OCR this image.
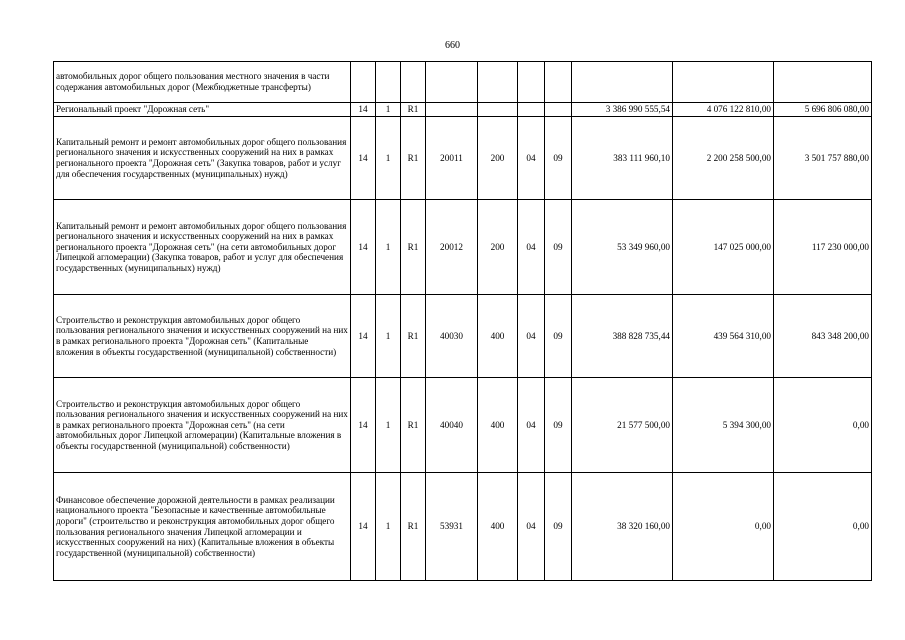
660
автомобильных дорог общего пользования местного значения в части содержания автомобильных дорог (Межбюджетные трансферты)										
Региональный проект "Дорожная сеть"	14	1	R1					3 386 990 555,54	4 076 122 810,00	5 696 806 080,00
Капитальный ремонт и ремонт автомобильных дорог общего пользования регионального значения и искусственных сооружений на них в рамках регионального проекта "Дорожная сеть" (Закупка товаров, работ и услуг для обеспечения государственных (муниципальных) нужд)	14	1	R1	20011	200	04	09	383 111 960,10	2 200 258 500,00	3 501 757 880,00
Капитальный ремонт и ремонт автомобильных дорог общего пользования регионального значения и искусственных сооружений на них в рамках регионального проекта "Дорожная сеть" (на сети автомобильных дорог Липецкой агломерации) (Закупка товаров, работ и услуг для обеспечения государственных (муниципальных) нужд)	14	1	R1	20012	200	04	09	53 349 960,00	147 025 000,00	117 230 000,00
Строительство и реконструкция автомобильных дорог общего пользования регионального значения и искусственных сооружений на них в рамках регионального проекта "Дорожная сеть" (Капитальные вложения в объекты государственной (муниципальной) собственности)	14	1	R1	40030	400	04	09	388 828 735,44	439 564 310,00	843 348 200,00
Строительство и реконструкция автомобильных дорог общего пользования регионального значения и искусственных сооружений на них в рамках регионального проекта "Дорожная сеть" (на сети автомобильных дорог Липецкой агломерации) (Капитальные вложения в объекты государственной (муниципальной) собственности)	14	1	R1	40040	400	04	09	21 577 500,00	5 394 300,00	0,00
Финансовое обеспечение дорожной деятельности в рамках реализации национального проекта "Безопасные и качественные автомобильные дороги" (строительство и реконструкция автомобильных дорог общего пользования регионального значения Липецкой агломерации и искусственных сооружений на них) (Капитальные вложения в объекты государственной (муниципальной) собственности)	14	1	R1	53931	400	04	09	38 320 160,00	0,00	0,00
